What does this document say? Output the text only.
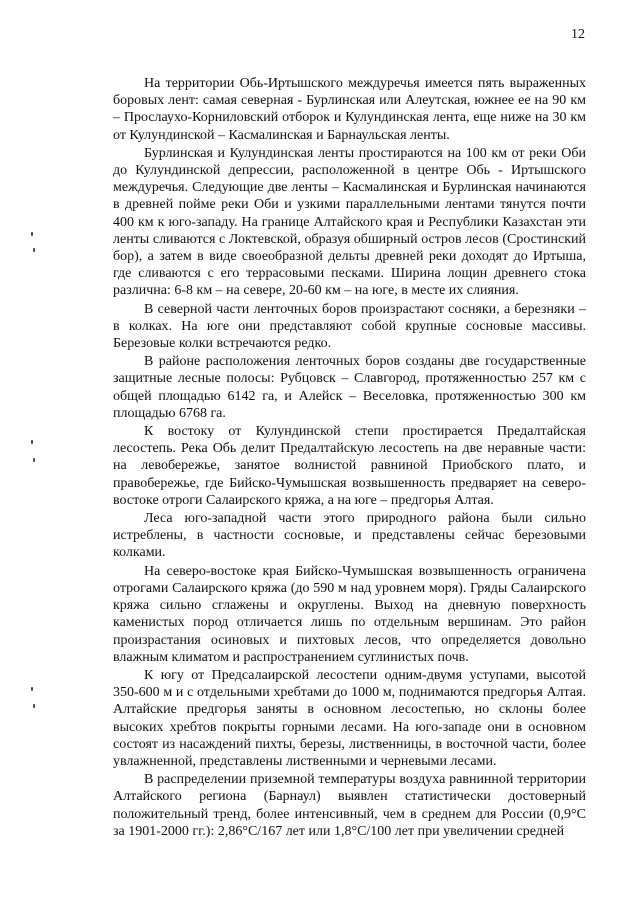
12

На территории Обь-Иртышского междуречья имеется пять выраженных боровых лент: самая северная - Бурлинская или Алеутская, южнее ее на 90 км – Прослаухо-Корниловский отборок и Кулундинская лента, еще ниже на 30 км от Кулундинской – Касмалинская и Барнаульская ленты.

Бурлинская и Кулундинская ленты простираются на 100 км от реки Оби до Кулундинской депрессии, расположенной в центре Обь - Иртышского междуречья. Следующие две ленты – Касмалинская и Бурлинская начинаются в древней пойме реки Оби и узкими параллельными лентами тянутся почти 400 км к юго-западу. На границе Алтайского края и Республики Казахстан эти ленты сливаются с Локтевской, образуя обширный остров лесов (Сростинский бор), а затем в виде своеобразной дельты древней реки доходят до Иртыша, где сливаются с его террасовыми песками. Ширина лощин древнего стока различна: 6-8 км – на севере, 20-60 км – на юге, в месте их слияния.

В северной части ленточных боров произрастают сосняки, а березняки – в колках. На юге они представляют собой крупные сосновые массивы. Березовые колки встречаются редко.

В районе расположения ленточных боров созданы две государственные защитные лесные полосы: Рубцовск – Славгород, протяженностью 257 км с общей площадью 6142 га, и Алейск – Веселовка, протяженностью 300 км площадью 6768 га.

К востоку от Кулундинской степи простирается Предалтайская лесостепь. Река Обь делит Предалтайскую лесостепь на две неравные части: на левобережье, занятое волнистой равниной Приобского плато, и правобережье, где Бийско-Чумышская возвышенность предваряет на северо-востоке отроги Салаирского кряжа, а на юге – предгорья Алтая.

Леса юго-западной части этого природного района были сильно истреблены, в частности сосновые, и представлены сейчас березовыми колками.

На северо-востоке края Бийско-Чумышская возвышенность ограничена отрогами Салаирского кряжа (до 590 м над уровнем моря). Гряды Салаирского кряжа сильно сглажены и округлены. Выход на дневную поверхность каменистых пород отличается лишь по отдельным вершинам. Это район произрастания осиновых и пихтовых лесов, что определяется довольно влажным климатом и распространением суглинистых почв.

К югу от Предсалаирской лесостепи одним-двумя уступами, высотой 350-600 м и с отдельными хребтами до 1000 м, поднимаются предгорья Алтая. Алтайские предгорья заняты в основном лесостепью, но склоны более высоких хребтов покрыты горными лесами. На юго-западе они в основном состоят из насаждений пихты, березы, лиственницы, в восточной части, более увлажненной, представлены лиственными и черневыми лесами.

В распределении приземной температуры воздуха равнинной территории Алтайского региона (Барнаул) выявлен статистически достоверный положительный тренд, более интенсивный, чем в среднем для России (0,9°С за 1901-2000 гг.): 2,86°С/167 лет или 1,8°С/100 лет при увеличении средней
